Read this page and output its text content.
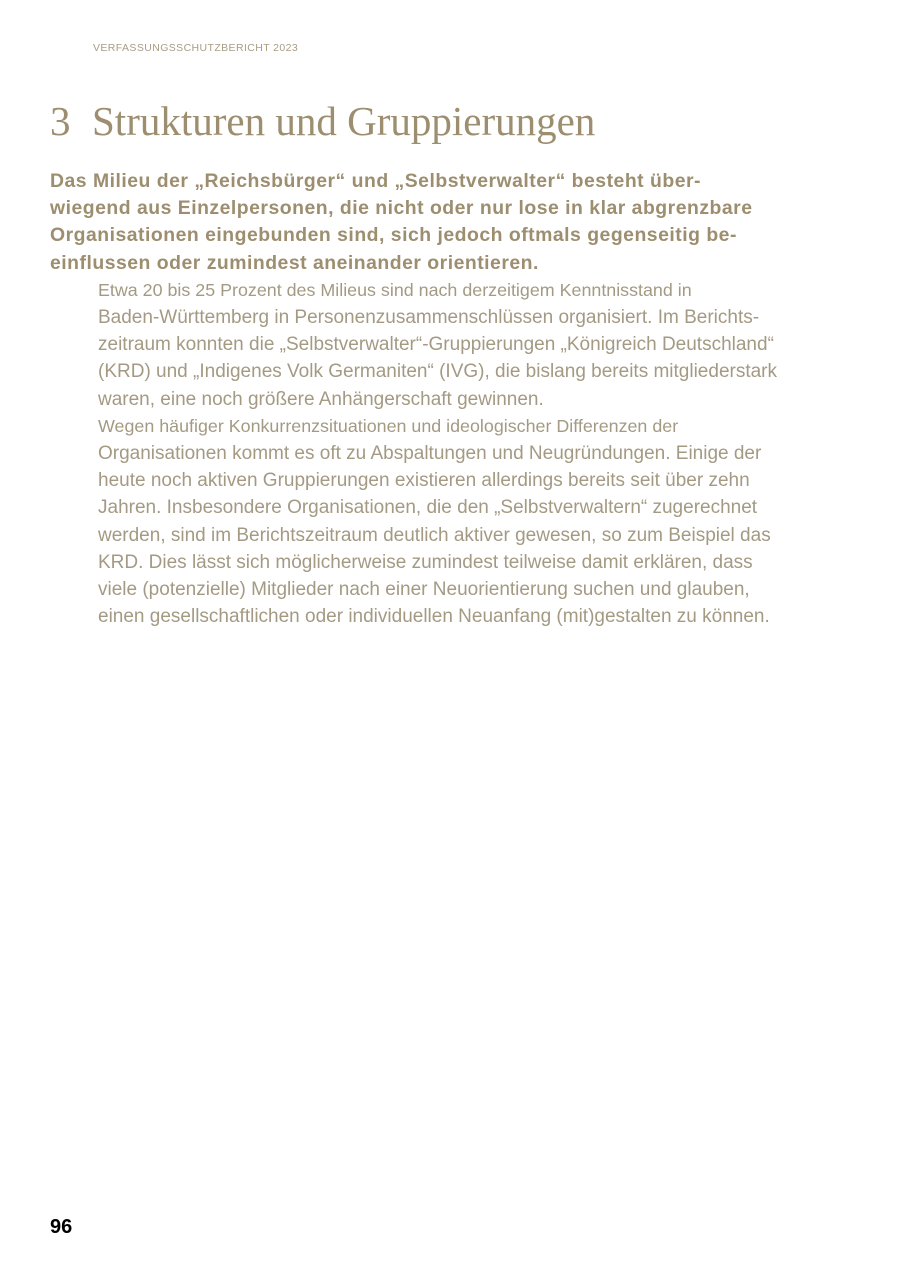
VERFASSUNGSSCHUTZBERICHT 2023
3 Strukturen und Gruppierungen

Das Milieu der „Reichsbürger“ und „Selbstverwalter“ besteht über-
wiegend aus Einzelpersonen, die nicht oder nur lose in klar abgrenzbare
Organisationen eingebunden sind, sich jedoch oftmals gegenseitig be-
einflussen oder zumindest aneinander orientieren.

Etwa 20 bis 25 Prozent des Milieus sind nach derzeitigem Kenntnisstand in
Baden-Württemberg in Personenzusammenschlüssen organisiert. Im Berichts-
zeitraum konnten die „Selbstverwalter“-Gruppierungen „Königreich Deutschland“
(KRD) und „Indigenes Volk Germaniten“ (IVG), die bislang bereits mitgliederstark
waren, eine noch größere Anhängerschaft gewinnen.

Wegen häufiger Konkurrenzsituationen und ideologischer Differenzen der
Organisationen kommt es oft zu Abspaltungen und Neugründungen. Einige der
heute noch aktiven Gruppierungen existieren allerdings bereits seit über zehn
Jahren. Insbesondere Organisationen, die den „Selbstverwaltern“ zugerechnet
werden, sind im Berichtszeitraum deutlich aktiver gewesen, so zum Beispiel das
KRD. Dies lässt sich möglicherweise zumindest teilweise damit erklären, dass
viele (potenzielle) Mitglieder nach einer Neuorientierung suchen und glauben,
einen gesellschaftlichen oder individuellen Neuanfang (mit)gestalten zu können.

96
